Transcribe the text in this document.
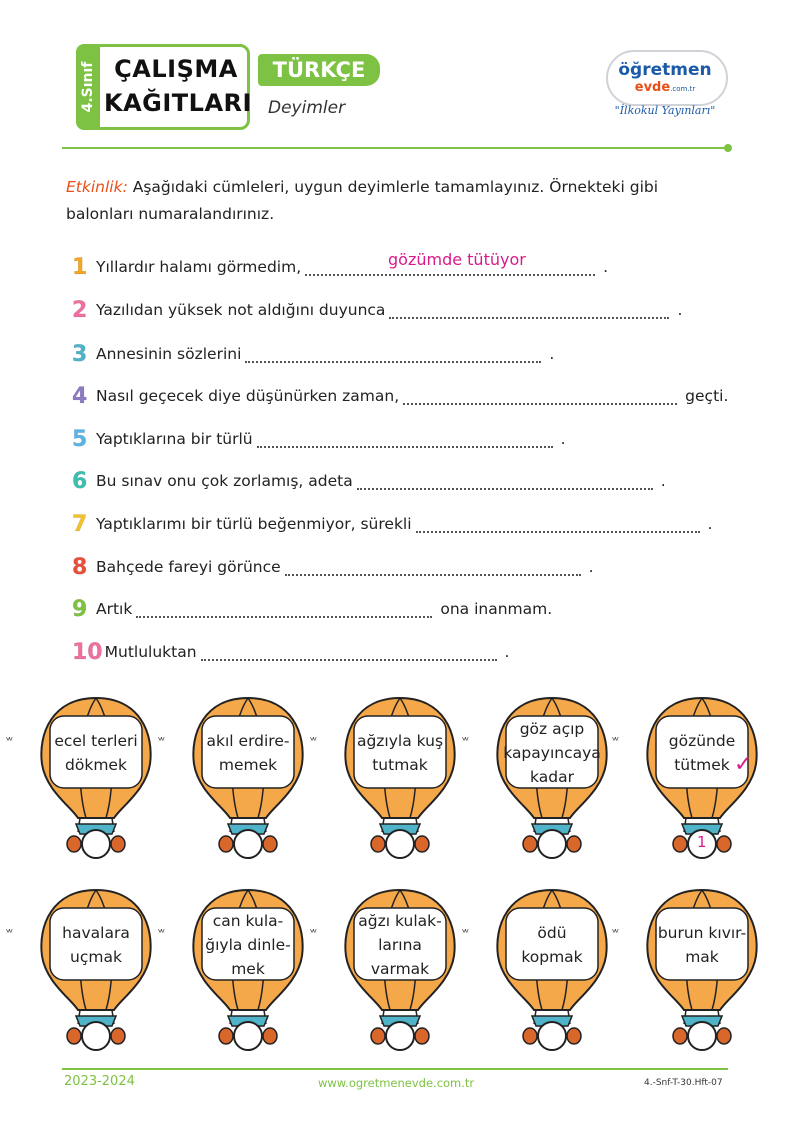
4.Sınıf ÇALIŞMA
KAĞITLARI
TÜRKÇE
Deyimler
öğretmen
evde.com.tr
"İlkokul Yayınları"
Etkinlik: Aşağıdaki cümleleri, uygun deyimlerle tamamlayınız. Örnekteki gibi balonları numaralandırınız.
1 Yıllardır halamı görmedim,	.
2 Yazılıdan yüksek not aldığını duyunca	.
3 Annesinin sözlerini	.
4 Nasıl geçecek diye düşünürken zaman,	geçti.
5 Yaptıklarına bir türlü	.
6 Bu sınav onu çok zorlamış, adeta	.
7 Yaptıklarımı bir türlü beğenmiyor, sürekli	.
8 Bahçede fareyi görünce	.
9 Artık	ona inanmam.
10 Mutluluktan	.
gözümde tütüyor
ecel terleri
dökmek
ᵛᵛ	akıl erdire-
memek
ᵛᵛ	ağzıyla kuş
tutmak
ᵛᵛ
göz açıp
kapayıncaya
kadar
ᵛᵛ	gözünde
tütmek ✓
1
ᵛᵛ
havalara
uçmak
ᵛᵛ
can kula-
ğıyla dinle-
mek
ᵛᵛ
ağzı kulak-
larına
varmak
ᵛᵛ	ödü
kopmak
ᵛᵛ	burun kıvır-
mak
ᵛᵛ
2023-2024	www.ogretmenevde.com.tr	4.-Snf-T-30.Hft-07
